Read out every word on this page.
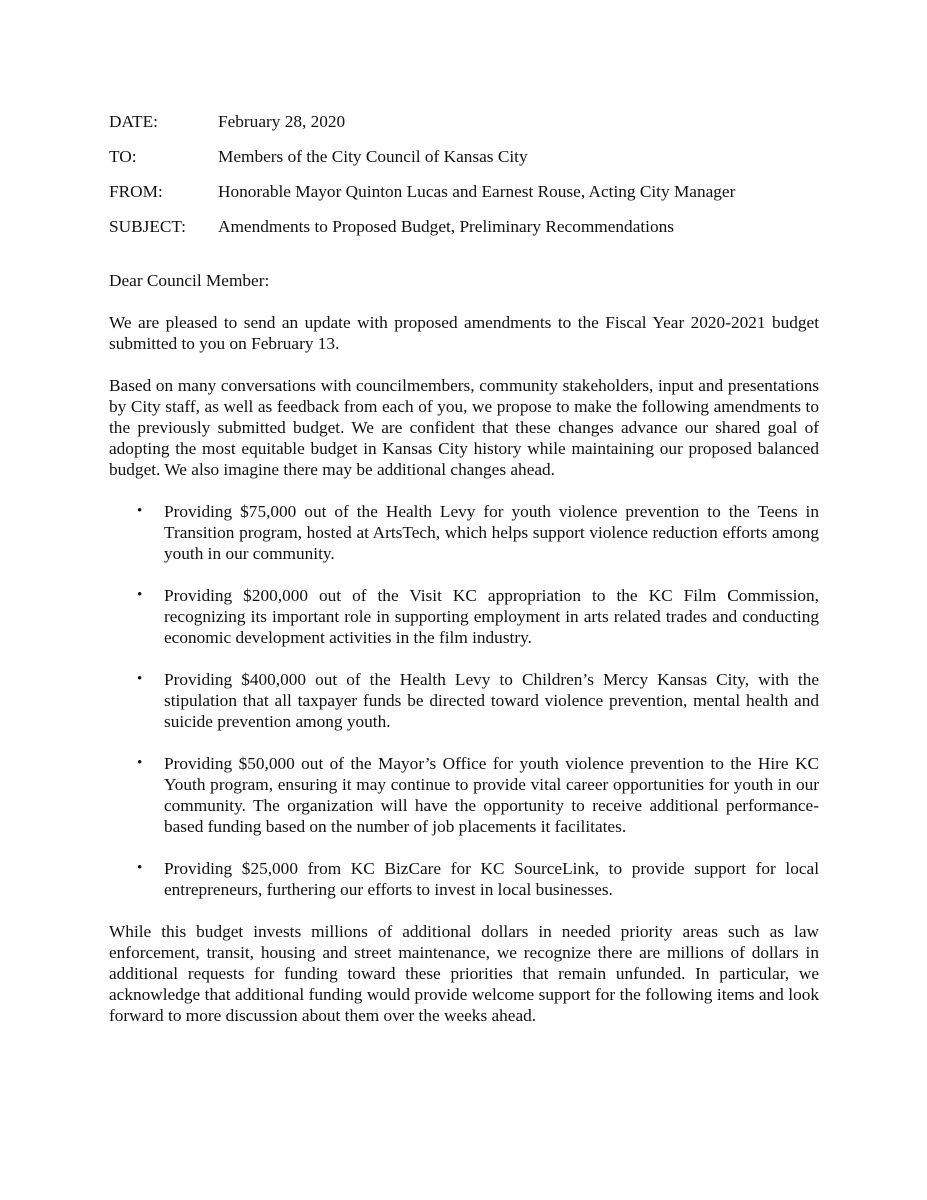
DATE:	February 28, 2020
TO:	Members of the City Council of Kansas City
FROM:	Honorable Mayor Quinton Lucas and Earnest Rouse, Acting City Manager
SUBJECT:	Amendments to Proposed Budget, Preliminary Recommendations
Dear Council Member:

We are pleased to send an update with proposed amendments to the Fiscal Year 2020-2021 budget submitted to you on February 13.

Based on many conversations with councilmembers, community stakeholders, input and presentations by City staff, as well as feedback from each of you, we propose to make the following amendments to the previously submitted budget. We are confident that these changes advance our shared goal of adopting the most equitable budget in Kansas City history while maintaining our proposed balanced budget. We also imagine there may be additional changes ahead.

• Providing $75,000 out of the Health Levy for youth violence prevention to the Teens in Transition program, hosted at ArtsTech, which helps support violence reduction efforts among youth in our community.
• Providing $200,000 out of the Visit KC appropriation to the KC Film Commission, recognizing its important role in supporting employment in arts related trades and conducting economic development activities in the film industry.
• Providing $400,000 out of the Health Levy to Children’s Mercy Kansas City, with the stipulation that all taxpayer funds be directed toward violence prevention, mental health and suicide prevention among youth.
• Providing $50,000 out of the Mayor’s Office for youth violence prevention to the Hire KC Youth program, ensuring it may continue to provide vital career opportunities for youth in our community. The organization will have the opportunity to receive additional performance-based funding based on the number of job placements it facilitates.
• Providing $25,000 from KC BizCare for KC SourceLink, to provide support for local entrepreneurs, furthering our efforts to invest in local businesses.

While this budget invests millions of additional dollars in needed priority areas such as law enforcement, transit, housing and street maintenance, we recognize there are millions of dollars in additional requests for funding toward these priorities that remain unfunded. In particular, we acknowledge that additional funding would provide welcome support for the following items and look forward to more discussion about them over the weeks ahead.
